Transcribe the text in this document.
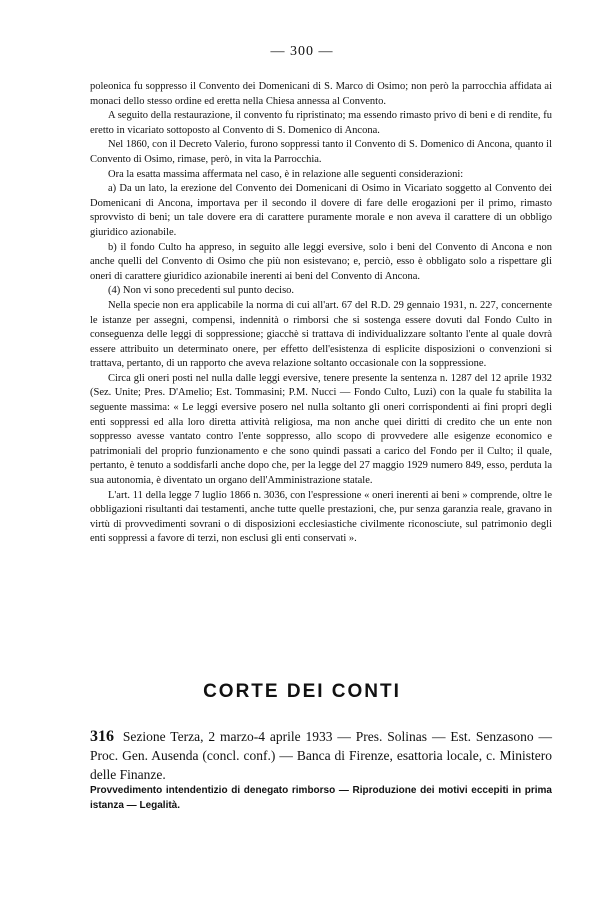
— 300 —

poleonica fu soppresso il Convento dei Domenicani di S. Marco di Osimo; non però la parrocchia affidata ai monaci dello stesso ordine ed eretta nella Chiesa annessa al Convento.

A seguito della restaurazione, il convento fu ripristinato; ma essendo rimasto privo di beni e di rendite, fu eretto in vicariato sottoposto al Convento di S. Domenico di Ancona.

Nel 1860, con il Decreto Valerio, furono soppressi tanto il Convento di S. Domenico di Ancona, quanto il Convento di Osimo, rimase, però, in vita la Parrocchia.

Ora la esatta massima affermata nel caso, è in relazione alle seguenti considerazioni:

a) Da un lato, la erezione del Convento dei Domenicani di Osimo in Vicariato soggetto al Convento dei Domenicani di Ancona, importava per il secondo il dovere di fare delle erogazioni per il primo, rimasto sprovvisto di beni; un tale dovere era di carattere puramente morale e non aveva il carattere di un obbligo giuridico azionabile.

b) il fondo Culto ha appreso, in seguito alle leggi eversive, solo i beni del Convento di Ancona e non anche quelli del Convento di Osimo che più non esistevano; e, perciò, esso è obbligato solo a rispettare gli oneri di carattere giuridico azionabile inerenti ai beni del Convento di Ancona.

(4) Non vi sono precedenti sul punto deciso.

Nella specie non era applicabile la norma di cui all'art. 67 del R.D. 29 gennaio 1931, n. 227, concernente le istanze per assegni, compensi, indennità o rimborsi che si sostenga essere dovuti dal Fondo Culto in conseguenza delle leggi di soppressione; giacchè si trattava di individualizzare soltanto l'ente al quale dovrà essere attribuito un determinato onere, per effetto dell'esistenza di esplicite disposizioni o convenzioni si trattava, pertanto, di un rapporto che aveva relazione soltanto occasionale con la soppressione.

Circa gli oneri posti nel nulla dalle leggi eversive, tenere presente la sentenza n. 1287 del 12 aprile 1932 (Sez. Unite; Pres. D'Amelio; Est. Tommasini; P.M. Nucci — Fondo Culto, Luzi) con la quale fu stabilita la seguente massima: « Le leggi eversive posero nel nulla soltanto gli oneri corrispondenti ai fini propri degli enti soppressi ed alla loro diretta attività religiosa, ma non anche quei diritti di credito che un ente non soppresso avesse vantato contro l'ente soppresso, allo scopo di provvedere alle esigenze economico e patrimoniali del proprio funzionamento e che sono quindi passati a carico del Fondo per il Culto; il quale, pertanto, è tenuto a soddisfarli anche dopo che, per la legge del 27 maggio 1929 numero 849, esso, perduta la sua autonomia, è diventato un organo dell'Amministrazione statale.

L'art. 11 della legge 7 luglio 1866 n. 3036, con l'espressione « oneri inerenti ai beni » comprende, oltre le obbligazioni risultanti dai testamenti, anche tutte quelle prestazioni, che, pur senza garanzia reale, gravano in virtù di provvedimenti sovrani o di disposizioni ecclesiastiche civilmente riconosciute, sul patrimonio degli enti soppressi a favore di terzi, non esclusi gli enti conservati ».

CORTE DEI CONTI
316 Sezione Terza, 2 marzo-4 aprile 1933 — Pres. Solinas — Est. Senzasono — Proc. Gen. Ausenda (concl. conf.) — Banca di Firenze, esattoria locale, c. Ministero delle Finanze.
Provvedimento intendentizio di denegato rimborso — Riproduzione dei motivi eccepiti in prima istanza — Legalità.
